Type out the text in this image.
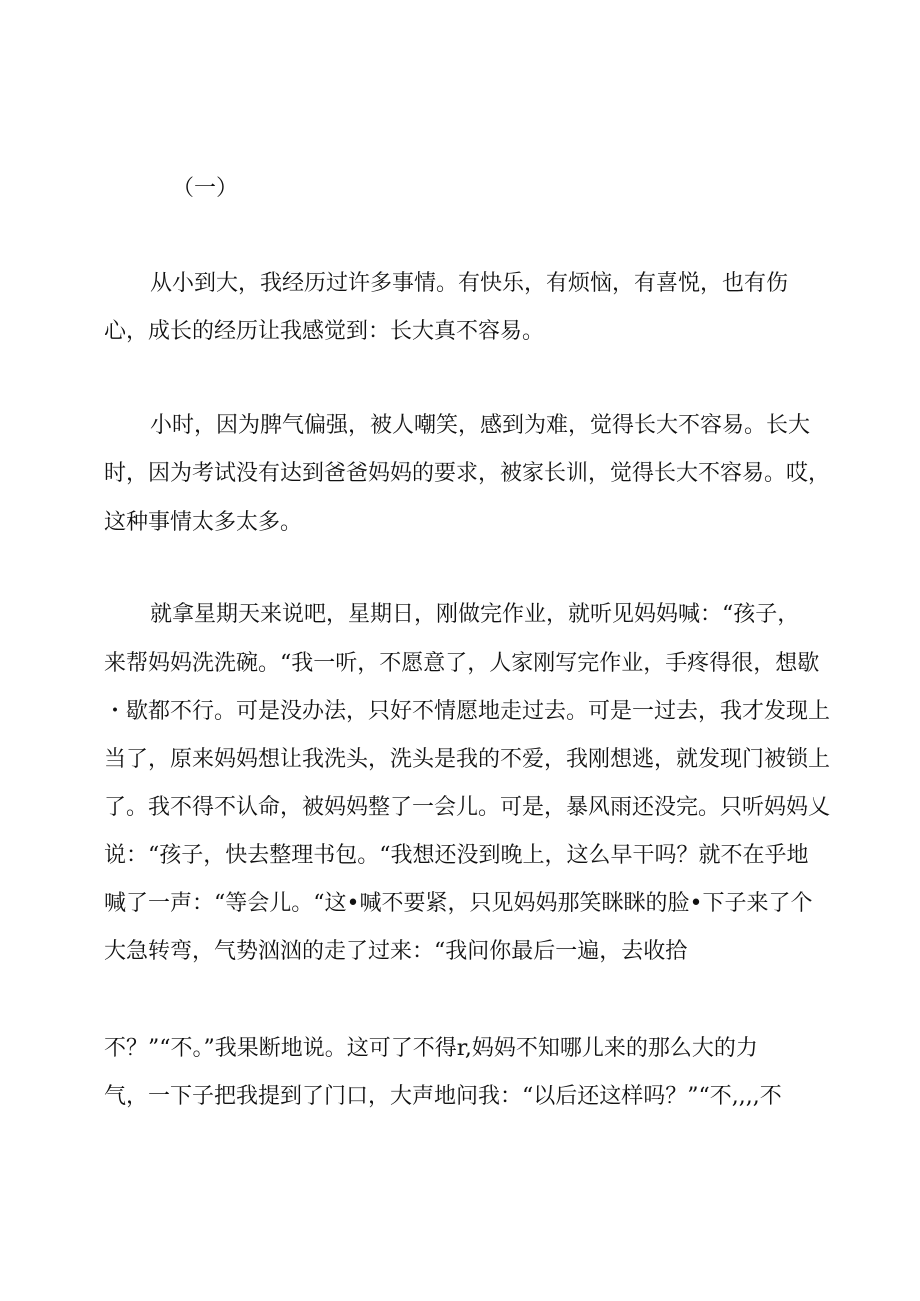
（一）

从小到大，我经历过许多事情。有快乐，有烦恼，有喜悦，也有伤

心，成长的经历让我感觉到：长大真不容易。

小时，因为脾气偏强，被人嘲笑，感到为难，觉得长大不容易。长大

时，因为考试没有达到爸爸妈妈的要求，被家长训，觉得长大不容易。哎，

这种事情太多太多。

就拿星期天来说吧，星期日，刚做完作业，就听见妈妈喊：“孩子，

来帮妈妈洗洗碗。“我一听，不愿意了，人家刚写完作业，手疼得很，想歇

・歇都不行。可是没办法，只好不情愿地走过去。可是一过去，我才发现上

当了，原来妈妈想让我洗头，洗头是我的不爱，我刚想逃，就发现门被锁上

了。我不得不认命，被妈妈整了一会儿。可是，暴风雨还没完。只听妈妈乂

说：“孩子，快去整理书包。“我想还没到晚上，这么早干吗？就不在乎地

喊了一声：“等会儿。“这•喊不要紧，只见妈妈那笑眯眯的脸•下子来了个

大急转弯，气势汹汹的走了过来：“我问你最后一遍，去收拾

不？”“不。”我果断地说。这可了不得r,妈妈不知哪儿来的那么大的力

气，一下子把我提到了门口，大声地问我：“以后还这样吗？”“不,,,,不
